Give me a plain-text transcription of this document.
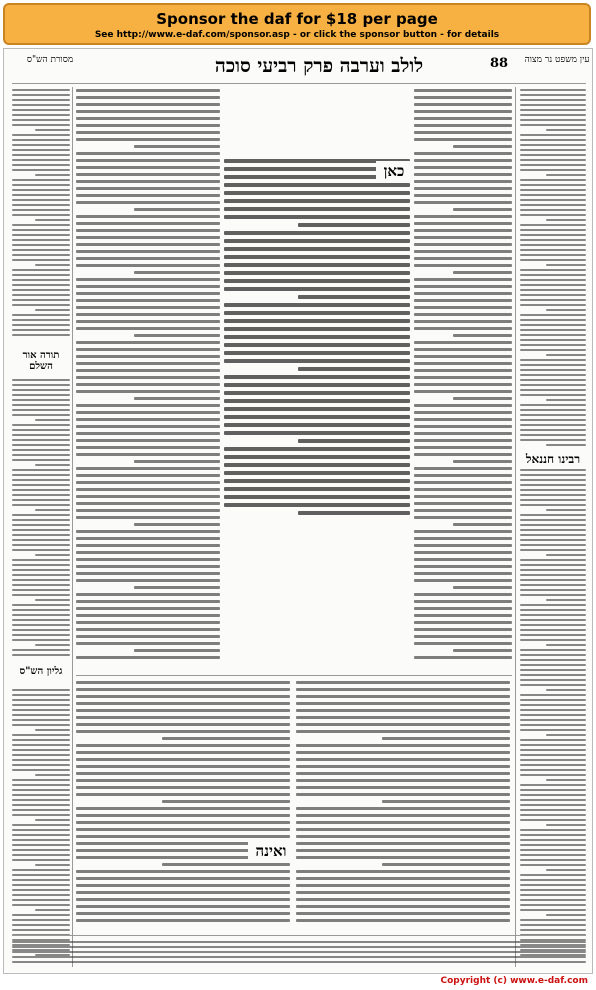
Sponsor the daf for $18 per page
See http://www.e-daf.com/sponsor.asp - or click the sponsor button - for details
88
לולב וערבה פרק רביעי סוכה
מסורת הש"ס	עין משפט נר מצוה
רבינו חננאל
כאן
תורה אור השלם
גליון הש"ס
ואינה
Copyright (c) www.e-daf.com
